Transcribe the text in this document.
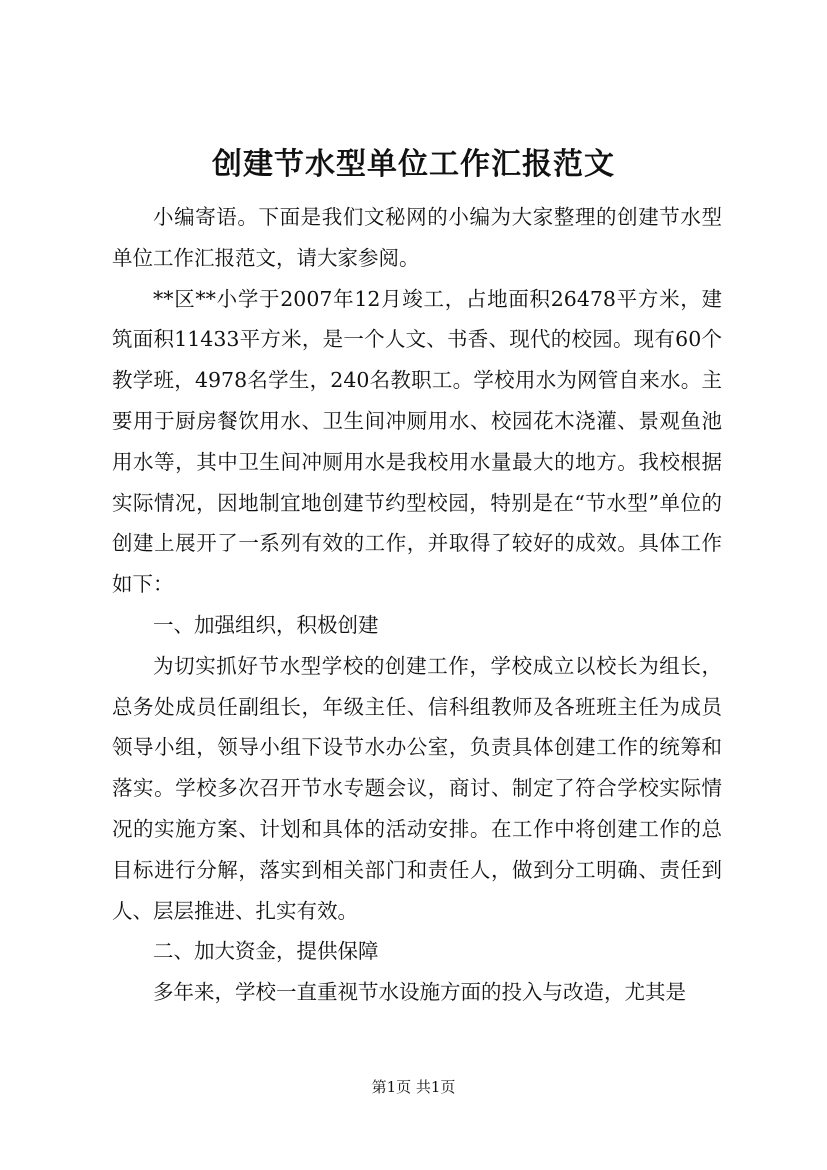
创建节水型单位工作汇报范文

小编寄语。下面是我们文秘网的小编为大家整理的创建节水型单位工作汇报范文，请大家参阅。

**区**小学于2007年12月竣工，占地面积26478平方米，建筑面积11433平方米，是一个人文、书香、现代的校园。现有60个教学班，4978名学生，240名教职工。学校用水为网管自来水。主要用于厨房餐饮用水、卫生间冲厕用水、校园花木浇灌、景观鱼池用水等，其中卫生间冲厕用水是我校用水量最大的地方。我校根据实际情况，因地制宜地创建节约型校园，特别是在“节水型”单位的创建上展开了一系列有效的工作，并取得了较好的成效。具体工作如下：

一、加强组织，积极创建

为切实抓好节水型学校的创建工作，学校成立以校长为组长，总务处成员任副组长，年级主任、信科组教师及各班班主任为成员领导小组，领导小组下设节水办公室，负责具体创建工作的统筹和落实。学校多次召开节水专题会议，商讨、制定了符合学校实际情况的实施方案、计划和具体的活动安排。在工作中将创建工作的总目标进行分解，落实到相关部门和责任人，做到分工明确、责任到人、层层推进、扎实有效。

二、加大资金，提供保障

多年来，学校一直重视节水设施方面的投入与改造，尤其是

第1页 共1页
